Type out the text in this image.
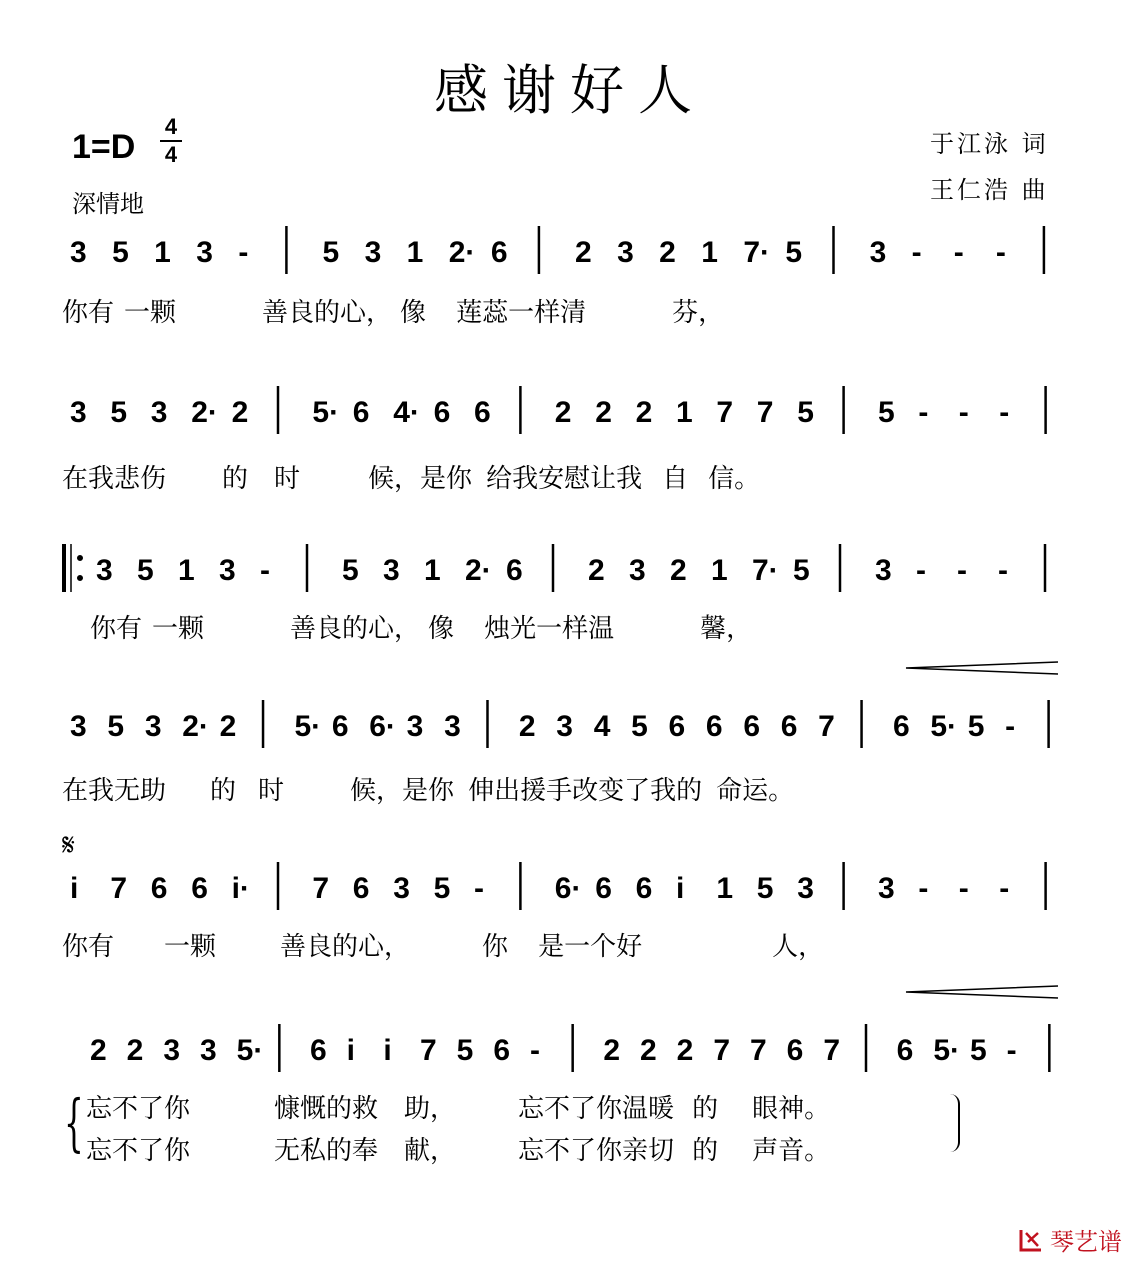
感谢好人
1=D
4
4
深情地
于江泳 词
王仁浩 曲
3 5 1 3 - 5 3 1 2· 6 2 3 2 1 7· 5 3 - - -
3 5 3 2· 2 5· 6 4· 6 6 2 2 2 1 7 7 5 5 - - -
3 5 1 3 - 5 3 1 2· 6 2 3 2 1 7· 5 3 - - -
3 5 3 2· 2 5· 6 6· 3 3 2 3 4 5 6 6 6 6 7 6 5· 5 -
i 7 6 6 i· 7 6 3 5 - 6· 6 6 i 1 5 3 3 - - -
2 2 3 3 5· 6 i i 7 5 6 - 2 2 2 7 7 6 7 6 5· 5 -
你有 一颗	善良的心， 像 莲蕊一样清	芬，
在我悲伤 的 时	候，是你 给我安慰让我 自 信。
你有 一颗	善良的心， 像 烛光一样温	馨，
在我无助 的 时	候，是你 伸出援手改变了我的 命运。
你有 一颗 善良的心，	你 是一个好	人，
忘不了你	慷慨的救 助， 忘不了你温暖 的 眼神。
忘不了你	无私的奉 献， 忘不了你亲切 的 声音。
{
𝄋
琴艺谱
